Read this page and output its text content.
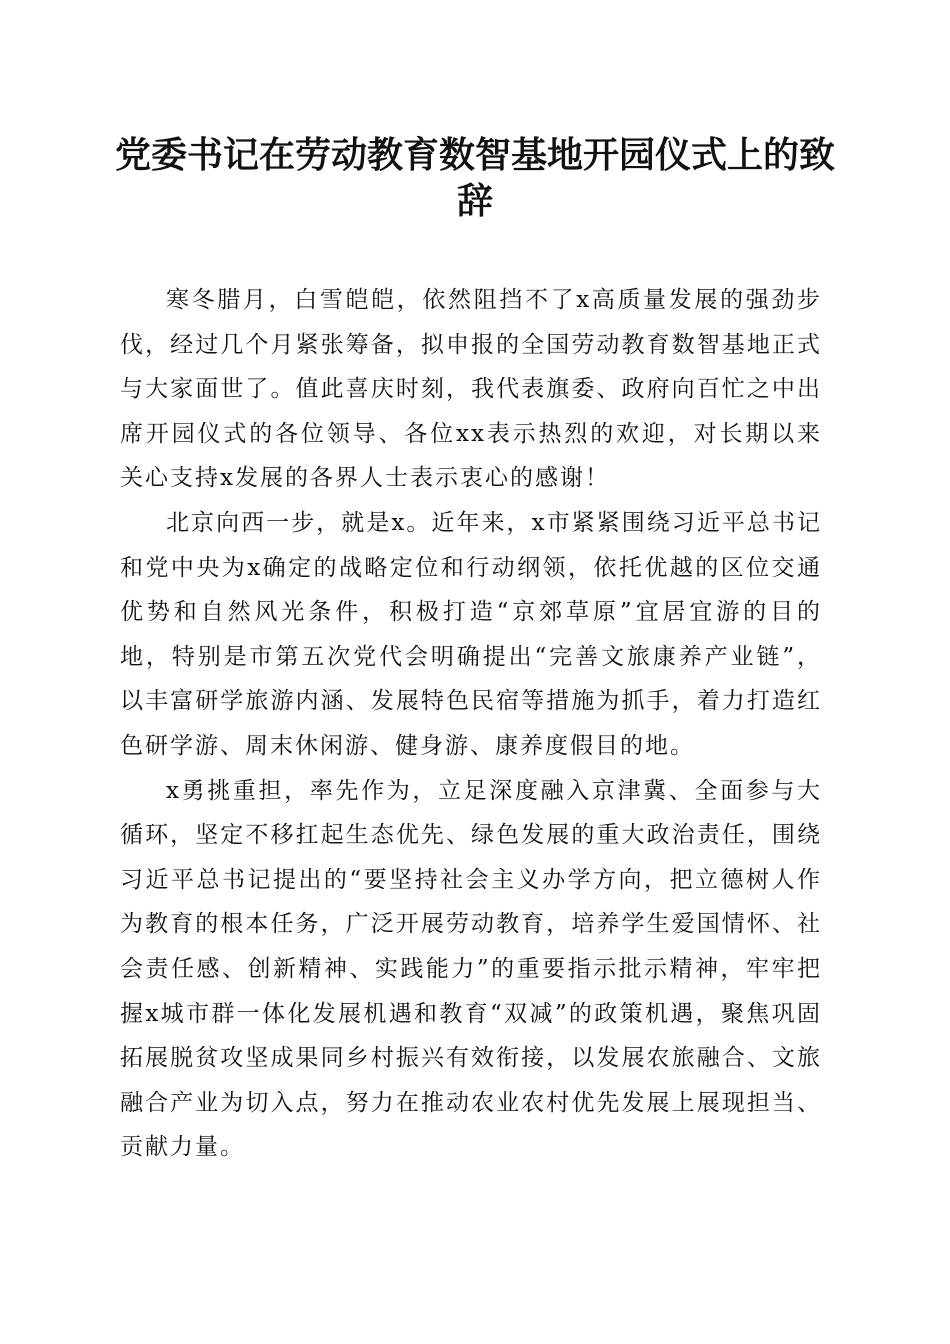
党委书记在劳动教育数智基地开园仪式上的致辞

寒冬腊月，白雪皑皑，依然阻挡不了x高质量发展的强劲步伐，经过几个月紧张筹备，拟申报的全国劳动教育数智基地正式与大家面世了。值此喜庆时刻，我代表旗委、政府向百忙之中出席开园仪式的各位领导、各位xx表示热烈的欢迎，对长期以来关心支持x发展的各界人士表示衷心的感谢！

北京向西一步，就是x。近年来，x市紧紧围绕习近平总书记和党中央为x确定的战略定位和行动纲领，依托优越的区位交通优势和自然风光条件，积极打造“京郊草原”宜居宜游的目的地，特别是市第五次党代会明确提出“完善文旅康养产业链”，以丰富研学旅游内涵、发展特色民宿等措施为抓手，着力打造红色研学游、周末休闲游、健身游、康养度假目的地。

x勇挑重担，率先作为，立足深度融入京津冀、全面参与大循环，坚定不移扛起生态优先、绿色发展的重大政治责任，围绕习近平总书记提出的“要坚持社会主义办学方向，把立德树人作为教育的根本任务，广泛开展劳动教育，培养学生爱国情怀、社会责任感、创新精神、实践能力”的重要指示批示精神，牢牢把握x城市群一体化发展机遇和教育“双减”的政策机遇，聚焦巩固拓展脱贫攻坚成果同乡村振兴有效衔接，以发展农旅融合、文旅融合产业为切入点，努力在推动农业农村优先发展上展现担当、贡献力量。
